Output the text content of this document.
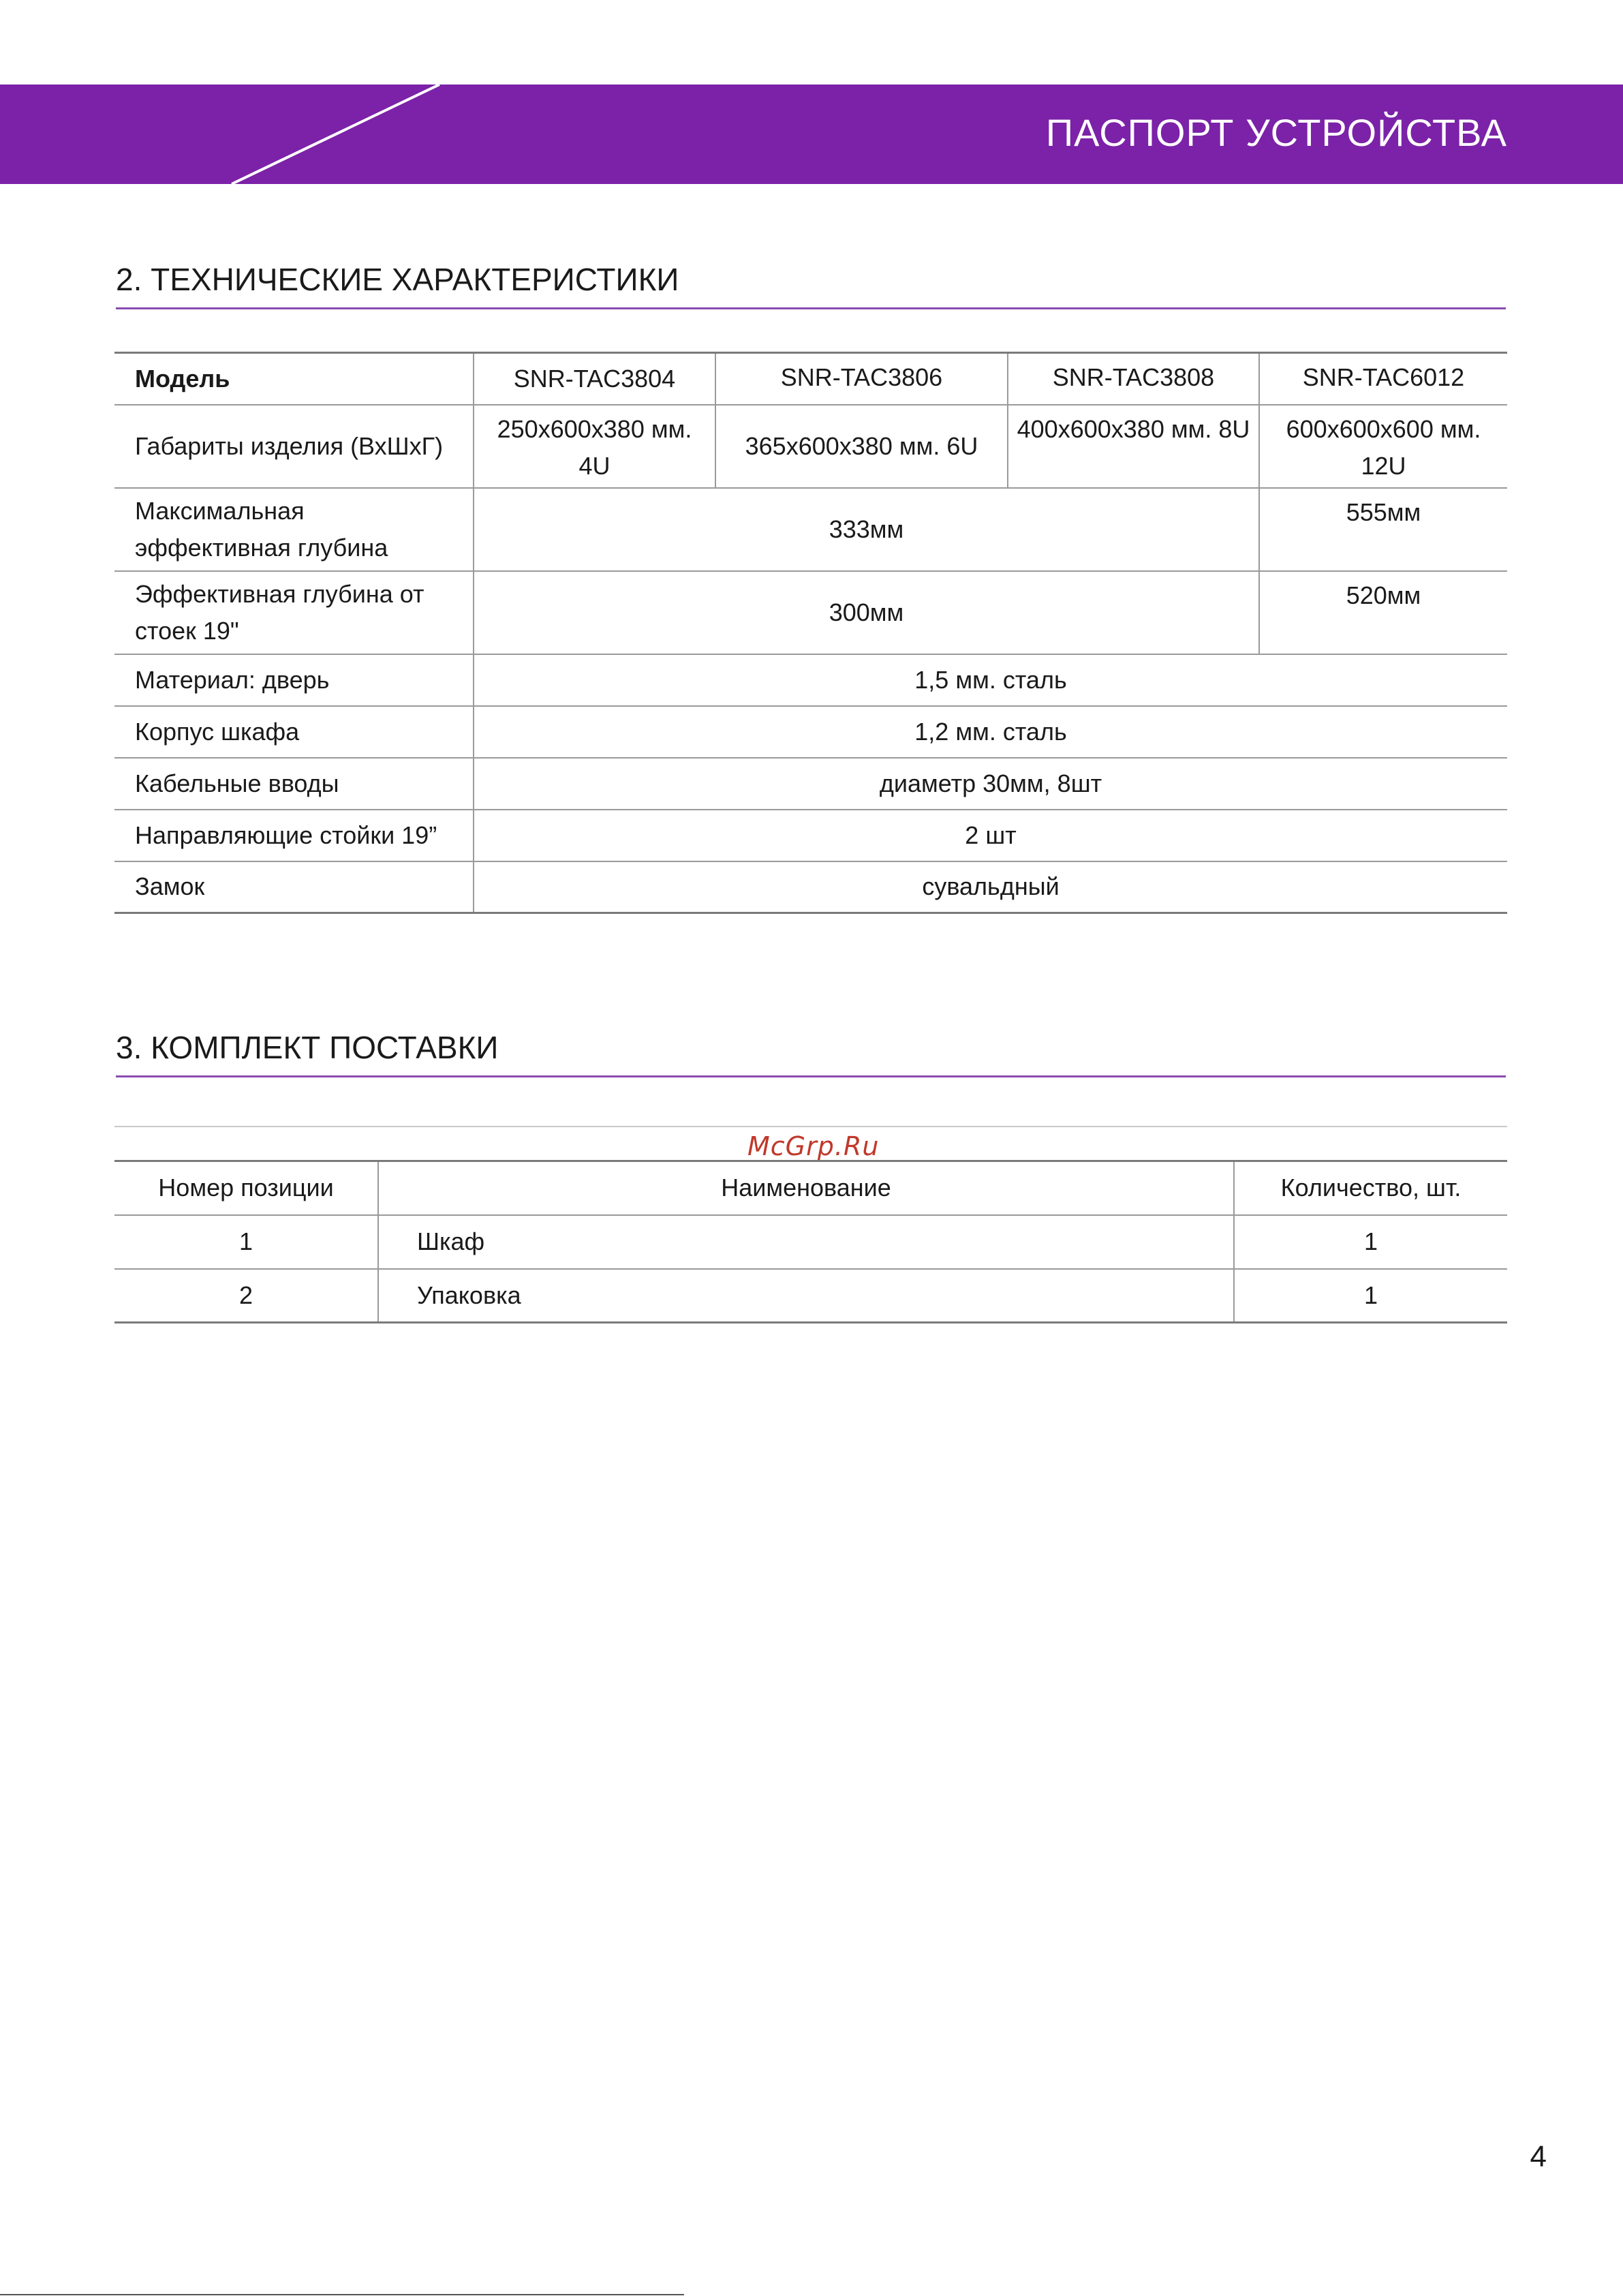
ПАСПОРТ УСТРОЙСТВА
2. ТЕХНИЧЕСКИЕ ХАРАКТЕРИСТИКИ
Модель	SNR-TAC3804	SNR-TAC3806	SNR-TAC3808	SNR-TAC6012
Габариты изделия (ВхШхГ)	250х600х380 мм. 4U	365х600х380 мм. 6U	400х600х380 мм. 8U	600х600х600 мм. 12U
Максимальная эффективная глубина	333мм			555мм
Эффективная глубина от стоек 19"	300мм			520мм
Материал: дверь	1,5 мм. сталь			
Корпус шкафа	1,2 мм. сталь			
Кабельные вводы	диаметр 30мм, 8шт			
Направляющие стойки 19”	2 шт			
Замок	сувальдный			
3. КОМПЛЕКТ ПОСТАВКИ
McGrp.Ru
Номер позиции	Наименование	Количество, шт.
1	Шкаф	1
2	Упаковка	1
4
